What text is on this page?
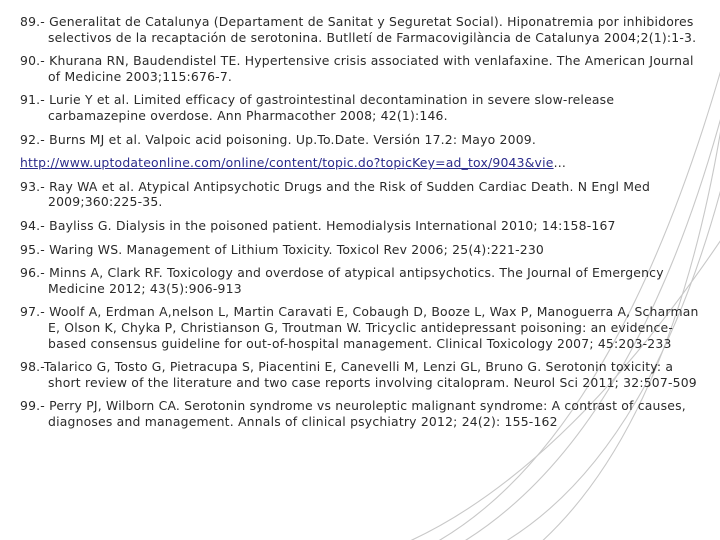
89.- Generalitat de Catalunya (Departament de Sanitat y Seguretat Social). Hiponatremia por inhibidores selectivos de la recaptación de serotonina. Butlletí de Farmacovigilància de Catalunya 2004;2(1):1-3.

90.- Khurana RN, Baudendistel TE. Hypertensive crisis associated with venlafaxine. The American Journal of Medicine 2003;115:676-7.

91.- Lurie Y et al. Limited efficacy of gastrointestinal decontamination in severe slow-release carbamazepine overdose. Ann Pharmacother 2008; 42(1):146.

92.- Burns MJ et al. Valpoic acid poisoning. Up.To.Date. Versión 17.2: Mayo 2009.

http://www.uptodateonline.com/online/content/topic.do?topicKey=ad_tox/9043&vie...

93.- Ray WA et al. Atypical Antipsychotic Drugs and the Risk of Sudden Cardiac Death. N Engl Med 2009;360:225-35.

94.- Bayliss G. Dialysis in the poisoned patient. Hemodialysis International 2010; 14:158-167

95.- Waring WS. Management of Lithium Toxicity. Toxicol Rev 2006; 25(4):221-230

96.- Minns A, Clark RF. Toxicology and overdose of atypical antipsychotics. The Journal of Emergency Medicine 2012; 43(5):906-913

97.- Woolf A, Erdman A,nelson L, Martin Caravati E, Cobaugh D, Booze L, Wax P, Manoguerra A, Scharman E, Olson K, Chyka P, Christianson G, Troutman W. Tricyclic antidepressant poisoning: an evidence-based consensus guideline for out-of-hospital management. Clinical Toxicology 2007; 45:203-233

98.-Talarico G, Tosto G, Pietracupa S, Piacentini E, Canevelli M, Lenzi GL, Bruno G. Serotonin toxicity: a short review of the literature and two case reports involving citalopram. Neurol Sci 2011; 32:507-509

99.- Perry PJ, Wilborn CA. Serotonin syndrome vs neuroleptic malignant syndrome: A contrast of causes, diagnoses and management. Annals of clinical psychiatry 2012; 24(2): 155-162
